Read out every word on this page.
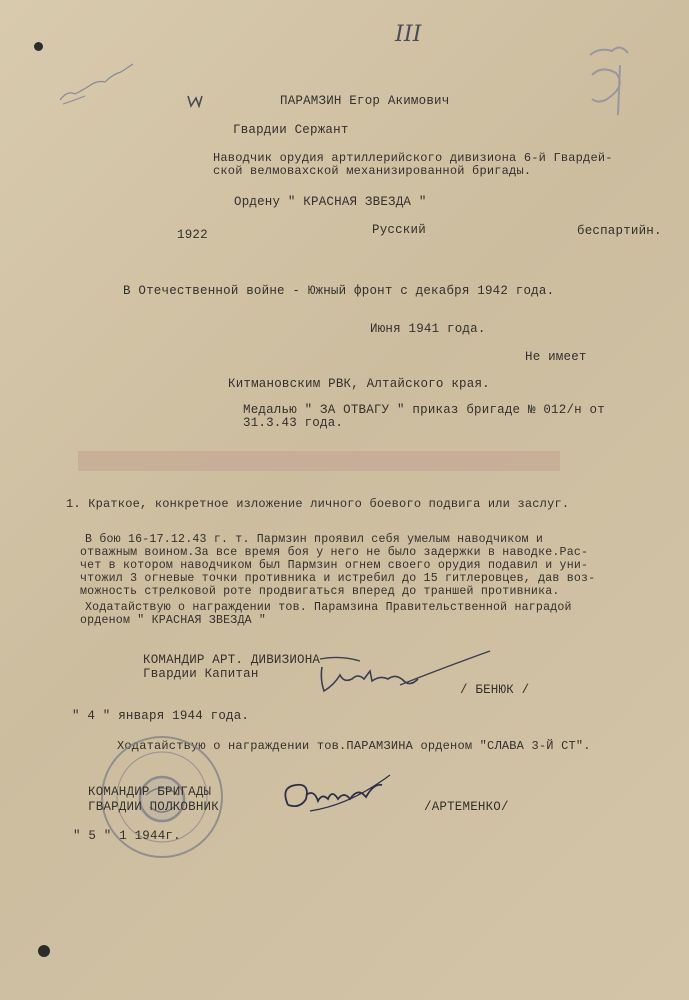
III
ПАРАМЗИН Егор Акимович
Гвардии Сержант
Наводчик орудия артиллерийского дивизиона 6-й Гвардей-
ской велмовахской механизированной бригады.
Ордену " КРАСНАЯ ЗВЕЗДА "
1922	Русский	беспартийн.
В Отечественной войне - Южный фронт с декабря 1942 года.
Июня 1941 года.
Не имеет
Китмановским РВК, Алтайского края.
Медалью " ЗА ОТВАГУ " приказ бригаде № 012/н от
31.3.43 года.
1. Краткое, конкретное изложение личного боевого подвига или заслуг.
В бою 16-17.12.43 г. т. Пармзин проявил себя умелым наводчиком и
отважным воином.За все время боя у него не было задержки в наводке.Рас-
чет в котором наводчиком был Пармзин огнем своего орудия подавил и уни-
чтожил 3 огневые точки противника и истребил до 15 гитлеровцев, дав воз-
можность стрелковой роте продвигаться вперед до траншей противника.
Ходатайствую о награждении тов. Парамзина Правительственной наградой
орденом " КРАСНАЯ ЗВЕЗДА "
КОМАНДИР АРТ. ДИВИЗИОНА
Гвардии Капитан
/ БЕНЮК /
" 4 " января 1944 года.
Ходатайствую о награждении тов.ПАРАМЗИНА орденом "СЛАВА 3-Й СТ".
КОМАНДИР БРИГАДЫ
ГВАРДИИ ПОЛКОВНИК	/АРТЕМЕНКО/
" 5 " 1 1944г.
